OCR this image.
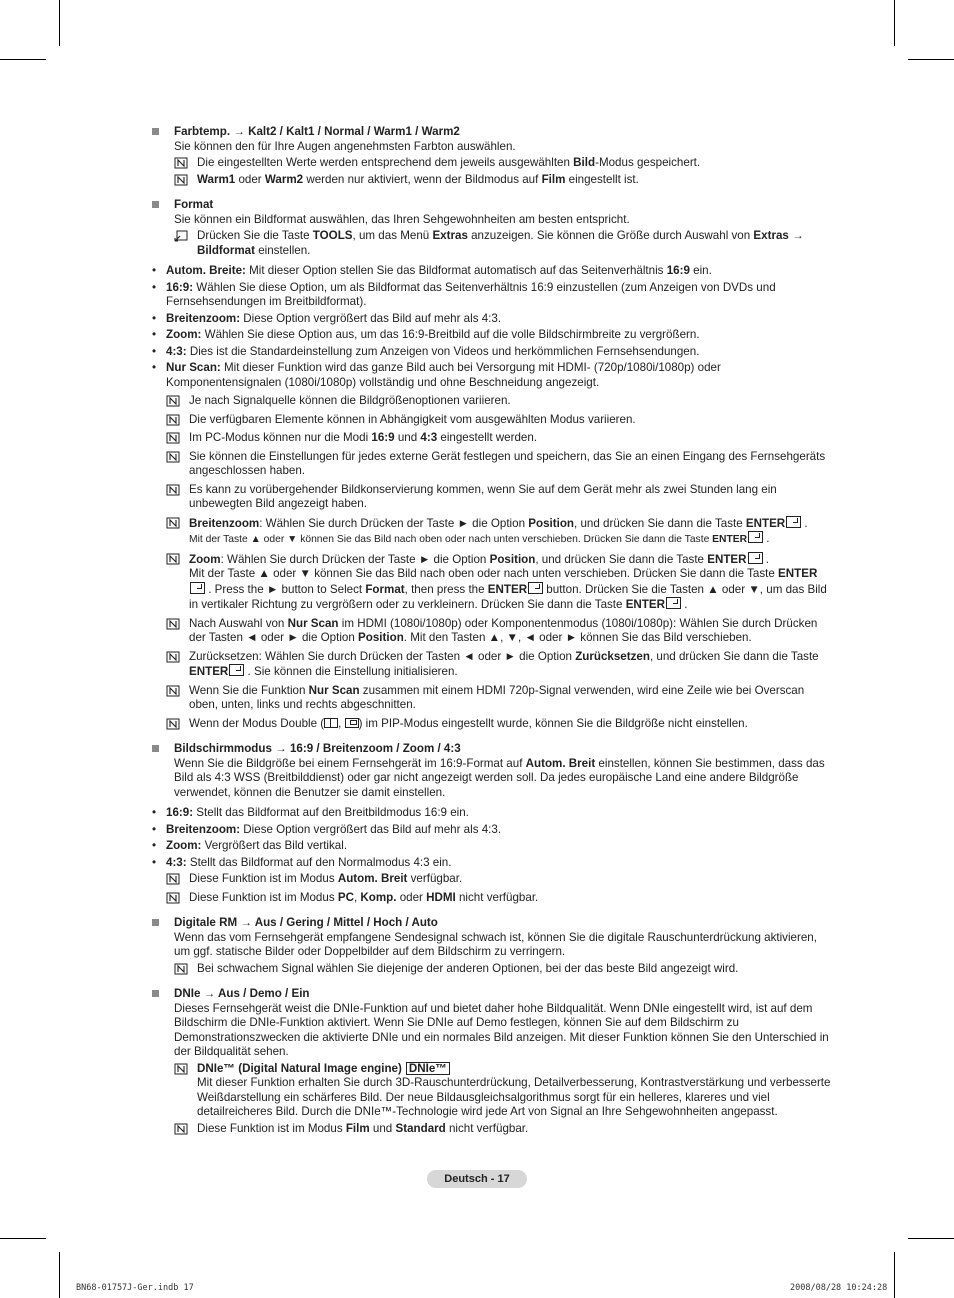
Farbtemp. → Kalt2 / Kalt1 / Normal / Warm1 / Warm2
Sie können den für Ihre Augen angenehmsten Farbton auswählen.
Die eingestellten Werte werden entsprechend dem jeweils ausgewählten Bild-Modus gespeichert.
Warm1 oder Warm2 werden nur aktiviert, wenn der Bildmodus auf Film eingestellt ist.
Format
Sie können ein Bildformat auswählen, das Ihren Sehgewohnheiten am besten entspricht.
Drücken Sie die Taste TOOLS, um das Menü Extras anzuzeigen. Sie können die Größe durch Auswahl von Extras → Bildformat einstellen.
• Autom. Breite: Mit dieser Option stellen Sie das Bildformat automatisch auf das Seitenverhältnis 16:9 ein.
• 16:9: Wählen Sie diese Option, um als Bildformat das Seitenverhältnis 16:9 einzustellen (zum Anzeigen von DVDs und Fernsehsendungen im Breitbildformat).
• Breitenzoom: Diese Option vergrößert das Bild auf mehr als 4:3.
• Zoom: Wählen Sie diese Option aus, um das 16:9-Breitbild auf die volle Bildschirmbreite zu vergrößern.
• 4:3: Dies ist die Standardeinstellung zum Anzeigen von Videos und herkömmlichen Fernsehsendungen.
• Nur Scan: Mit dieser Funktion wird das ganze Bild auch bei Versorgung mit HDMI- (720p/1080i/1080p) oder Komponentensignalen (1080i/1080p) vollständig und ohne Beschneidung angezeigt.
Je nach Signalquelle können die Bildgrößenoptionen variieren.
Die verfügbaren Elemente können in Abhängigkeit vom ausgewählten Modus variieren.
Im PC-Modus können nur die Modi 16:9 und 4:3 eingestellt werden.
Sie können die Einstellungen für jedes externe Gerät festlegen und speichern, das Sie an einen Eingang des Fernsehgeräts angeschlossen haben.
Es kann zu vorübergehender Bildkonservierung kommen, wenn Sie auf dem Gerät mehr als zwei Stunden lang ein unbewegten Bild angezeigt haben.
Breitenzoom: Wählen Sie durch Drücken der Taste ► die Option Position, und drücken Sie dann die Taste ENTER .
Mit der Taste ▲ oder ▼ können Sie das Bild nach oben oder nach unten verschieben. Drücken Sie dann die Taste ENTER .
Zoom: Wählen Sie durch Drücken der Taste ► die Option Position, und drücken Sie dann die Taste ENTER .
Mit der Taste ▲ oder ▼ können Sie das Bild nach oben oder nach unten verschieben. Drücken Sie dann die Taste ENTER . Press the ► button to Select Format, then press the ENTER button. Drücken Sie die Tasten ▲ oder ▼, um das Bild in vertikaler Richtung zu vergrößern oder zu verkleinern. Drücken Sie dann die Taste ENTER .
Nach Auswahl von Nur Scan im HDMI (1080i/1080p) oder Komponentenmodus (1080i/1080p): Wählen Sie durch Drücken der Tasten ◄ oder ► die Option Position. Mit den Tasten ▲, ▼, ◄ oder ► können Sie das Bild verschieben.
Zurücksetzen: Wählen Sie durch Drücken der Tasten ◄ oder ► die Option Zurücksetzen, und drücken Sie dann die Taste ENTER . Sie können die Einstellung initialisieren.
Wenn Sie die Funktion Nur Scan zusammen mit einem HDMI 720p-Signal verwenden, wird eine Zeile wie bei Overscan oben, unten, links und rechts abgeschnitten.
Wenn der Modus Double ( , ) im PIP-Modus eingestellt wurde, können Sie die Bildgröße nicht einstellen.
Bildschirmmodus → 16:9 / Breitenzoom / Zoom / 4:3
Wenn Sie die Bildgröße bei einem Fernsehgerät im 16:9-Format auf Autom. Breit einstellen, können Sie bestimmen, dass das Bild als 4:3 WSS (Breitbilddienst) oder gar nicht angezeigt werden soll. Da jedes europäische Land eine andere Bildgröße verwendet, können die Benutzer sie damit einstellen.
• 16:9: Stellt das Bildformat auf den Breitbildmodus 16:9 ein.
• Breitenzoom: Diese Option vergrößert das Bild auf mehr als 4:3.
• Zoom: Vergrößert das Bild vertikal.
• 4:3: Stellt das Bildformat auf den Normalmodus 4:3 ein.
Diese Funktion ist im Modus Autom. Breit verfügbar.
Diese Funktion ist im Modus PC, Komp. oder HDMI nicht verfügbar.
Digitale RM → Aus / Gering / Mittel / Hoch / Auto
Wenn das vom Fernsehgerät empfangene Sendesignal schwach ist, können Sie die digitale Rauschunterdrückung aktivieren, um ggf. statische Bilder oder Doppelbilder auf dem Bildschirm zu verringern.
Bei schwachem Signal wählen Sie diejenige der anderen Optionen, bei der das beste Bild angezeigt wird.
DNIe → Aus / Demo / Ein
Dieses Fernsehgerät weist die DNIe-Funktion auf und bietet daher hohe Bildqualität. Wenn DNIe eingestellt wird, ist auf dem Bildschirm die DNIe-Funktion aktiviert. Wenn Sie DNIe auf Demo festlegen, können Sie auf dem Bildschirm zu Demonstrationszwecken die aktivierte DNIe und ein normales Bild anzeigen. Mit dieser Funktion können Sie den Unterschied in der Bildqualität sehen.
DNIe™ (Digital Natural Image engine) DNIe™
Mit dieser Funktion erhalten Sie durch 3D-Rauschunterdrückung, Detailverbesserung, Kontrastverstärkung und verbesserte Weißdarstellung ein schärferes Bild. Der neue Bildausgleichsalgorithmus sorgt für ein helleres, klareres und viel detailreicheres Bild. Durch die DNIe™-Technologie wird jede Art von Signal an Ihre Sehgewohnheiten angepasst.
Diese Funktion ist im Modus Film und Standard nicht verfügbar.
Deutsch - 17
BN68-01757J-Ger.indb 17	2008/08/28 10:24:28
